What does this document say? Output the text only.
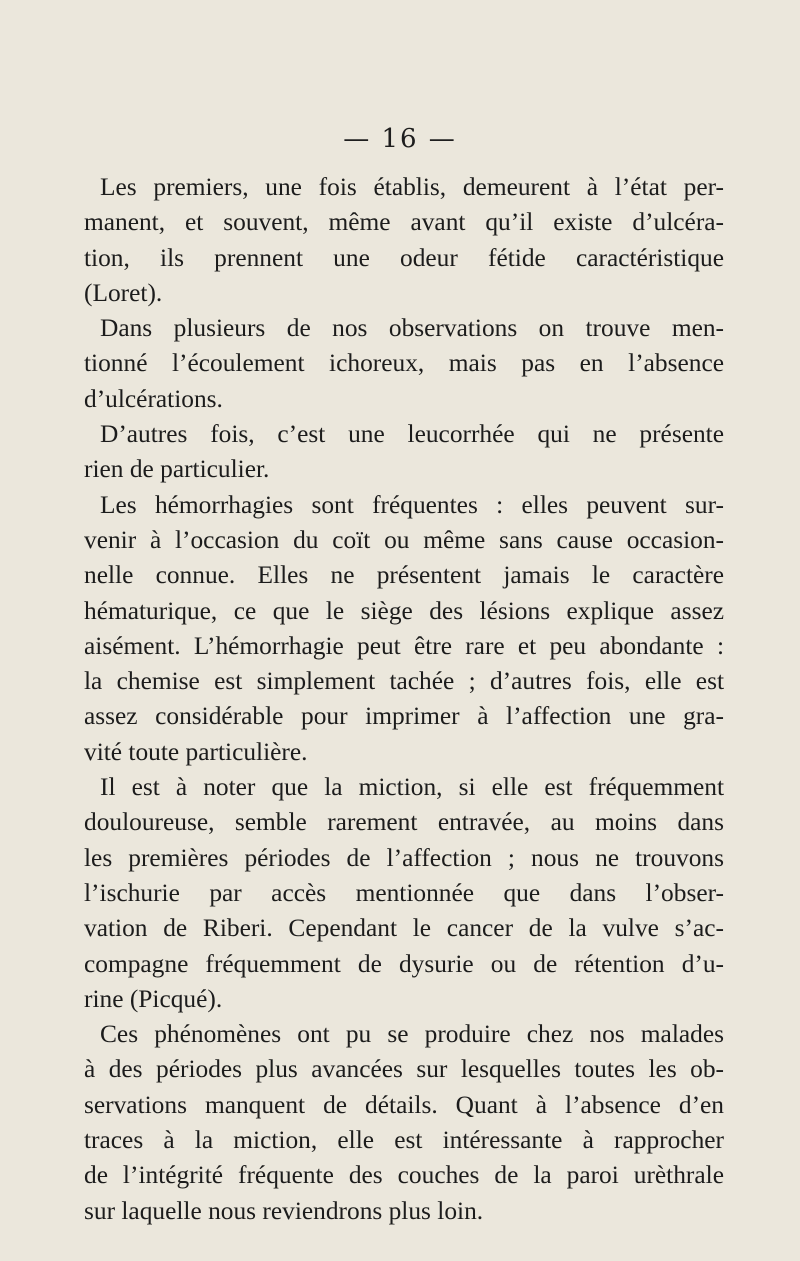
— 16 —
Les premiers, une fois établis, demeurent à l’état per-
manent, et souvent, même avant qu’il existe d’ulcéra-
tion, ils prennent une odeur fétide caractéristique
(Loret).
Dans plusieurs de nos observations on trouve men-
tionné l’écoulement ichoreux, mais pas en l’absence
d’ulcérations.
D’autres fois, c’est une leucorrhée qui ne présente
rien de particulier.
Les hémorrhagies sont fréquentes : elles peuvent sur-
venir à l’occasion du coït ou même sans cause occasion-
nelle connue. Elles ne présentent jamais le caractère
hématurique, ce que le siège des lésions explique assez
aisément. L’hémorrhagie peut être rare et peu abondante :
la chemise est simplement tachée ; d’autres fois, elle est
assez considérable pour imprimer à l’affection une gra-
vité toute particulière.
Il est à noter que la miction, si elle est fréquemment
douloureuse, semble rarement entravée, au moins dans
les premières périodes de l’affection ; nous ne trouvons
l’ischurie par accès mentionnée que dans l’obser-
vation de Riberi. Cependant le cancer de la vulve s’ac-
compagne fréquemment de dysurie ou de rétention d’u-
rine (Picqué).
Ces phénomènes ont pu se produire chez nos malades
à des périodes plus avancées sur lesquelles toutes les ob-
servations manquent de détails. Quant à l’absence d’en
traces à la miction, elle est intéressante à rapprocher
de l’intégrité fréquente des couches de la paroi urèthrale
sur laquelle nous reviendrons plus loin.
